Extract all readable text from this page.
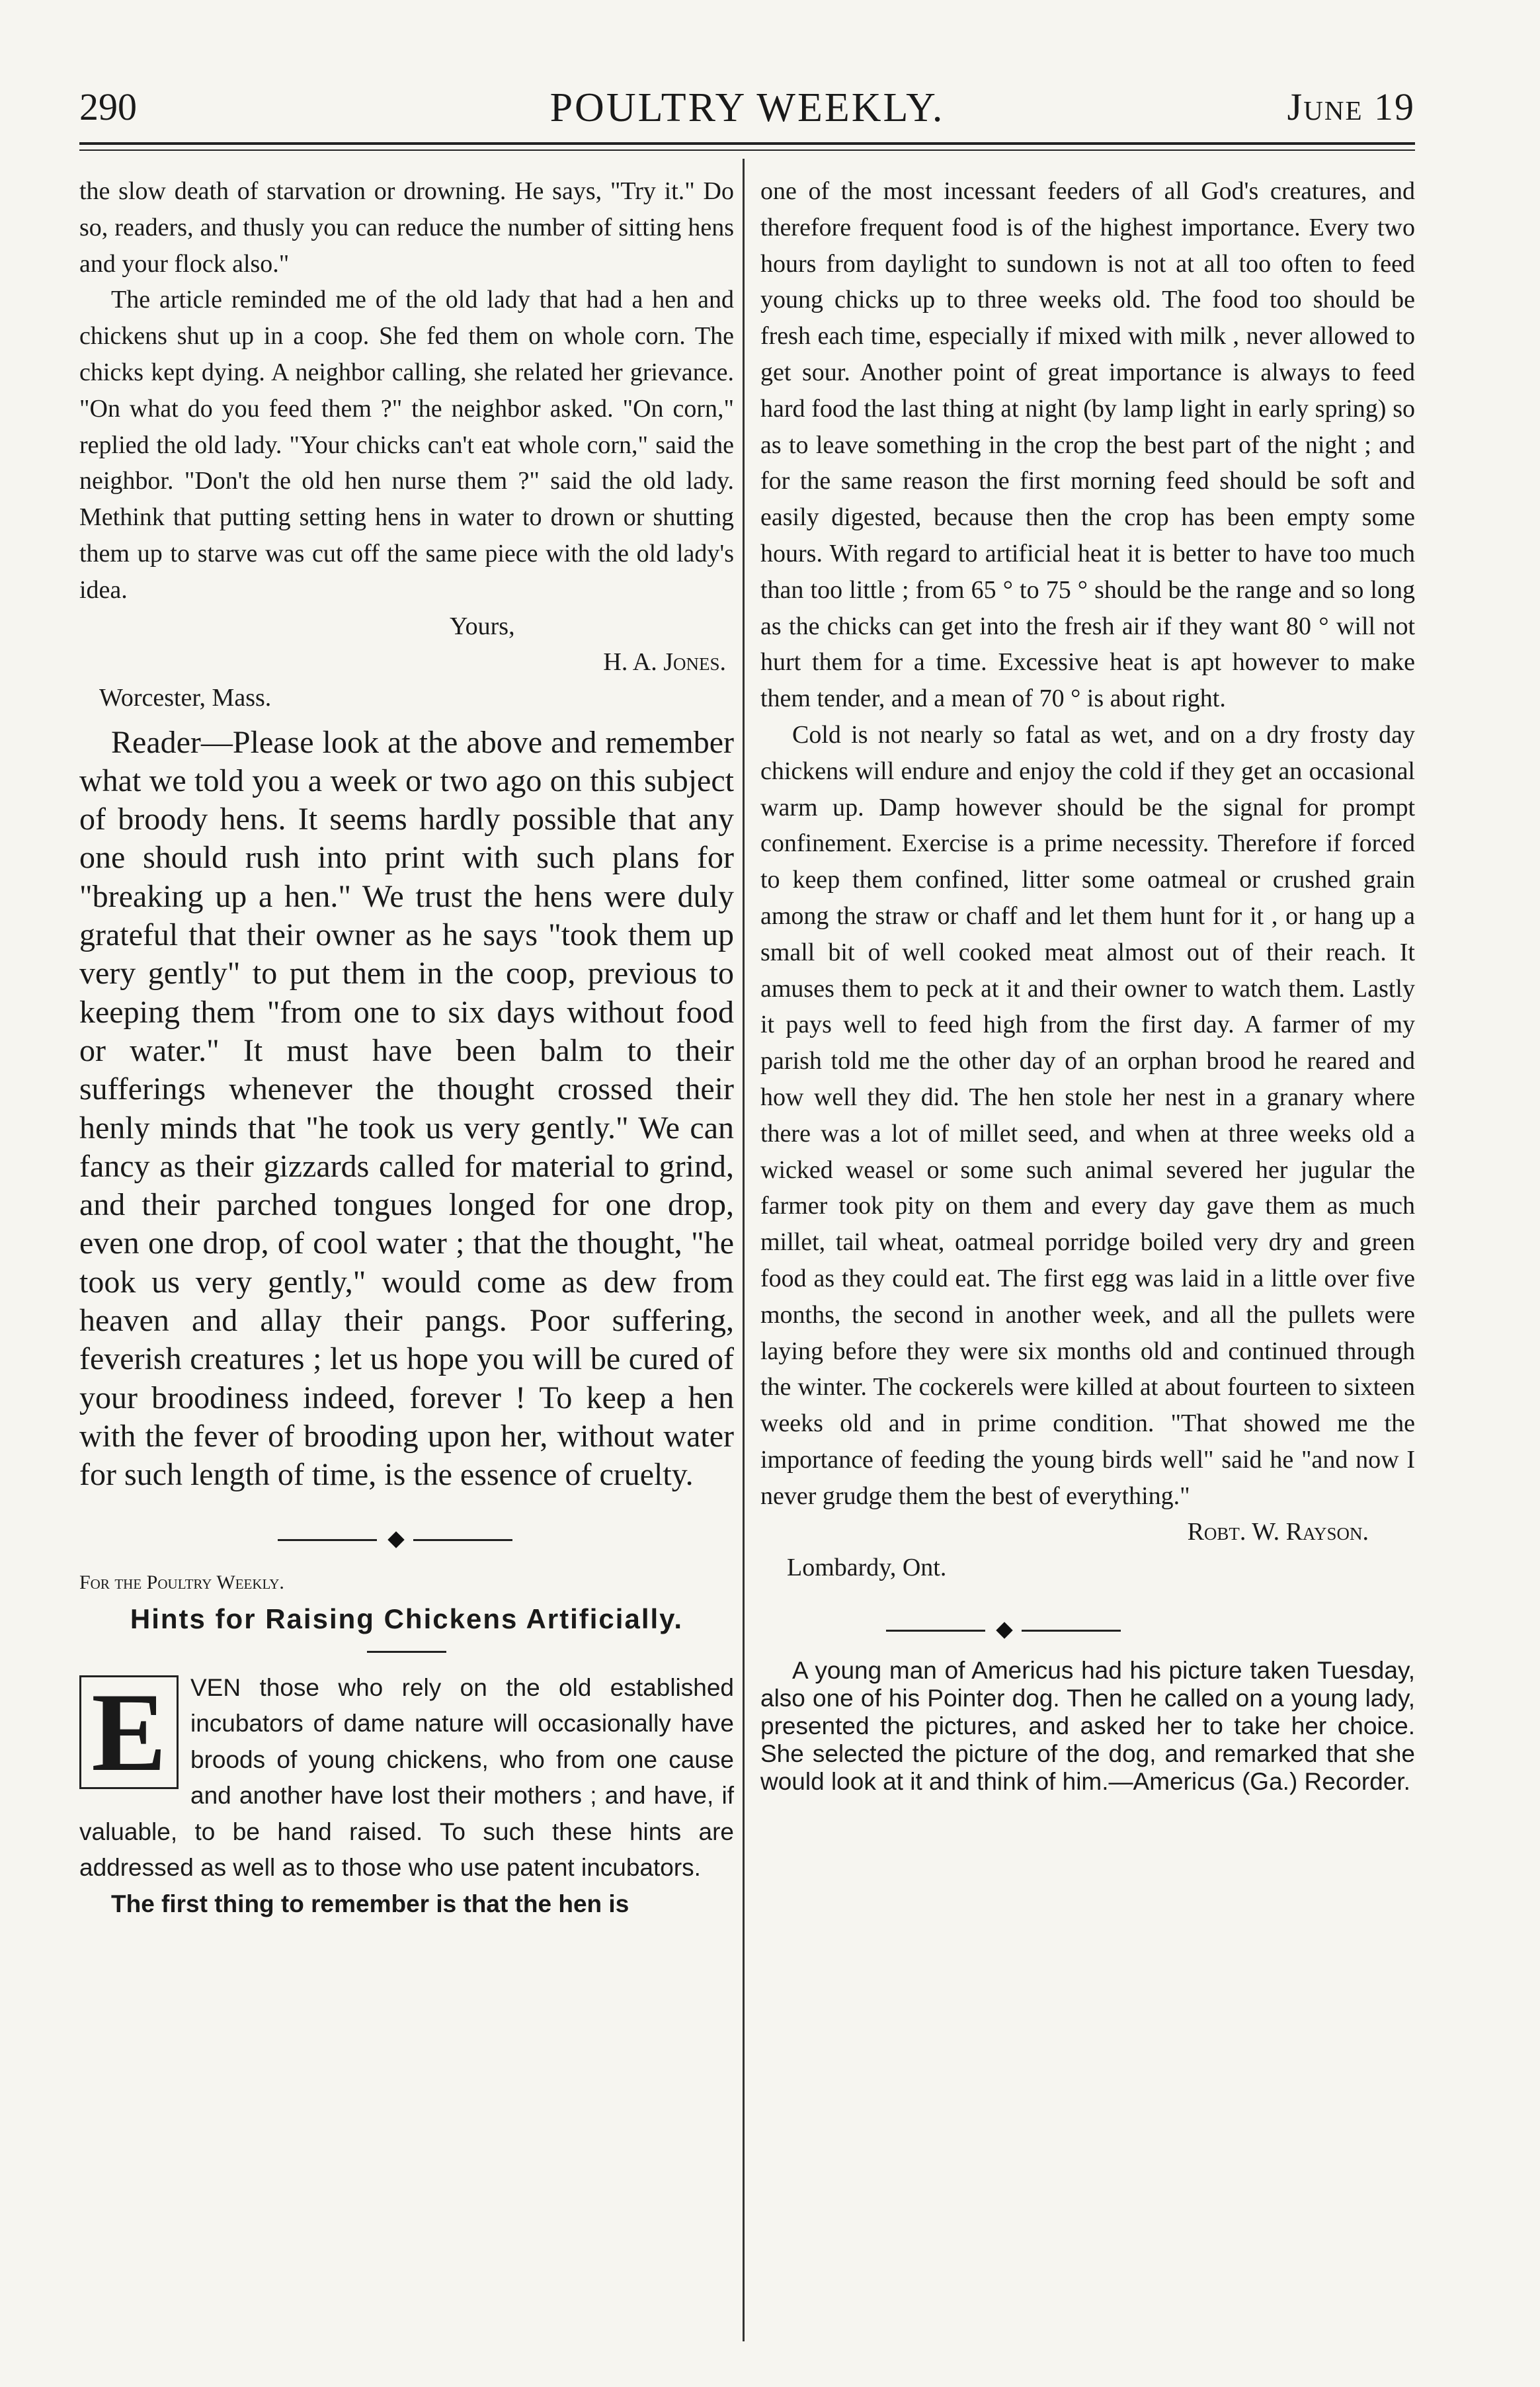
290	POULTRY WEEKLY.	June 19

the slow death of starvation or drowning. He says, "Try it." Do so, readers, and thusly you can reduce the number of sitting hens and your flock also."

The article reminded me of the old lady that had a hen and chickens shut up in a coop. She fed them on whole corn. The chicks kept dying. A neighbor calling, she related her grievance. "On what do you feed them ?" the neighbor asked. "On corn," replied the old lady. "Your chicks can't eat whole corn," said the neighbor. "Don't the old hen nurse them ?" said the old lady. Methink that putting setting hens in water to drown or shutting them up to starve was cut off the same piece with the old lady's idea.

Yours,

H. A. Jones.

Worcester, Mass.

Reader—Please look at the above and remember what we told you a week or two ago on this subject of broody hens. It seems hardly possible that any one should rush into print with such plans for "breaking up a hen." We trust the hens were duly grateful that their owner as he says "took them up very gently" to put them in the coop, previous to keeping them "from one to six days without food or water." It must have been balm to their sufferings whenever the thought crossed their henly minds that "he took us very gently." We can fancy as their gizzards called for material to grind, and their parched tongues longed for one drop, even one drop, of cool water ; that the thought, "he took us very gently," would come as dew from heaven and allay their pangs. Poor suffering, feverish creatures ; let us hope you will be cured of your broodiness indeed, forever ! To keep a hen with the fever of brooding upon her, without water for such length of time, is the essence of cruelty.

For the Poultry Weekly.

Hints for Raising Chickens Artificially.

E VEN those who rely on the old established incubators of dame nature will occasionally have broods of young chickens, who from one cause and another have lost their mothers ; and have, if valuable, to be hand raised. To such these hints are addressed as well as to those who use patent incubators.

The first thing to remember is that the hen is

one of the most incessant feeders of all God's creatures, and therefore frequent food is of the highest importance. Every two hours from daylight to sundown is not at all too often to feed young chicks up to three weeks old. The food too should be fresh each time, especially if mixed with milk , never allowed to get sour. Another point of great importance is always to feed hard food the last thing at night (by lamp light in early spring) so as to leave something in the crop the best part of the night ; and for the same reason the first morning feed should be soft and easily digested, because then the crop has been empty some hours. With regard to artificial heat it is better to have too much than too little ; from 65 ° to 75 ° should be the range and so long as the chicks can get into the fresh air if they want 80 ° will not hurt them for a time. Excessive heat is apt however to make them tender, and a mean of 70 ° is about right.

Cold is not nearly so fatal as wet, and on a dry frosty day chickens will endure and enjoy the cold if they get an occasional warm up. Damp however should be the signal for prompt confinement. Exercise is a prime necessity. Therefore if forced to keep them confined, litter some oatmeal or crushed grain among the straw or chaff and let them hunt for it , or hang up a small bit of well cooked meat almost out of their reach. It amuses them to peck at it and their owner to watch them. Lastly it pays well to feed high from the first day. A farmer of my parish told me the other day of an orphan brood he reared and how well they did. The hen stole her nest in a granary where there was a lot of millet seed, and when at three weeks old a wicked weasel or some such animal severed her jugular the farmer took pity on them and every day gave them as much millet, tail wheat, oatmeal porridge boiled very dry and green food as they could eat. The first egg was laid in a little over five months, the second in another week, and all the pullets were laying before they were six months old and continued through the winter. The cockerels were killed at about fourteen to sixteen weeks old and in prime condition. "That showed me the importance of feeding the young birds well" said he "and now I never grudge them the best of everything."

Robt. W. Rayson.

Lombardy, Ont.

A young man of Americus had his picture taken Tuesday, also one of his Pointer dog. Then he called on a young lady, presented the pictures, and asked her to take her choice. She selected the picture of the dog, and remarked that she would look at it and think of him.—Americus (Ga.) Recorder.
